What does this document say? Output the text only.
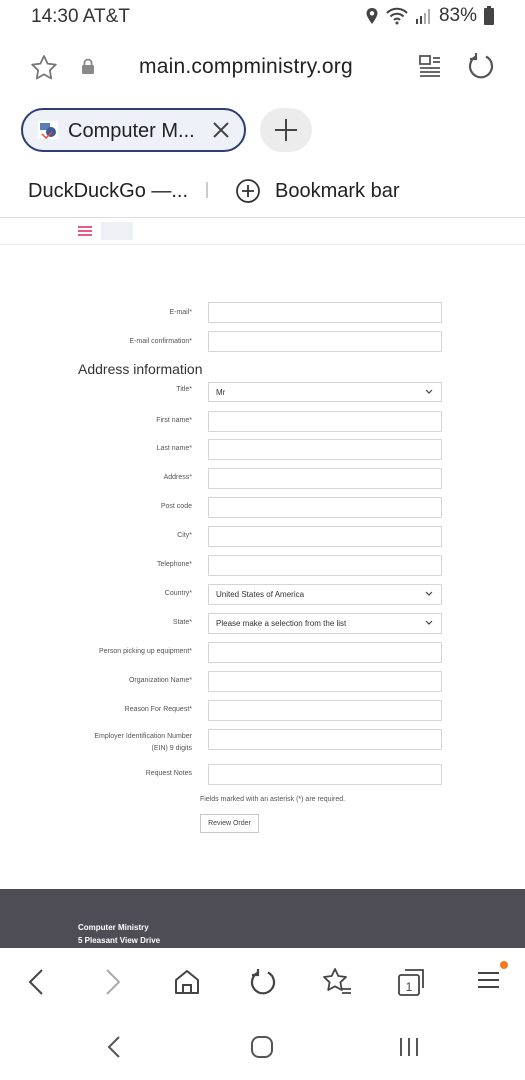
14:30 AT&T	83%
main.compministry.org
Computer M...
DuckDuckGo —...	Bookmark bar
E-mail*
E-mail confirmation*
Address information
Title*	Mr
First name*
Last name*
Address*
Post code
City*
Telephone*
Country*	United States of America
State*	Please make a selection from the list
Person picking up equipment*
Organization Name*
Reason For Request*
Employer Identification Number
(EIN) 9 digits
Request Notes
Fields marked with an asterisk (*) are required.
Review Order
Computer Ministry
5 Pleasant View Drive
1
